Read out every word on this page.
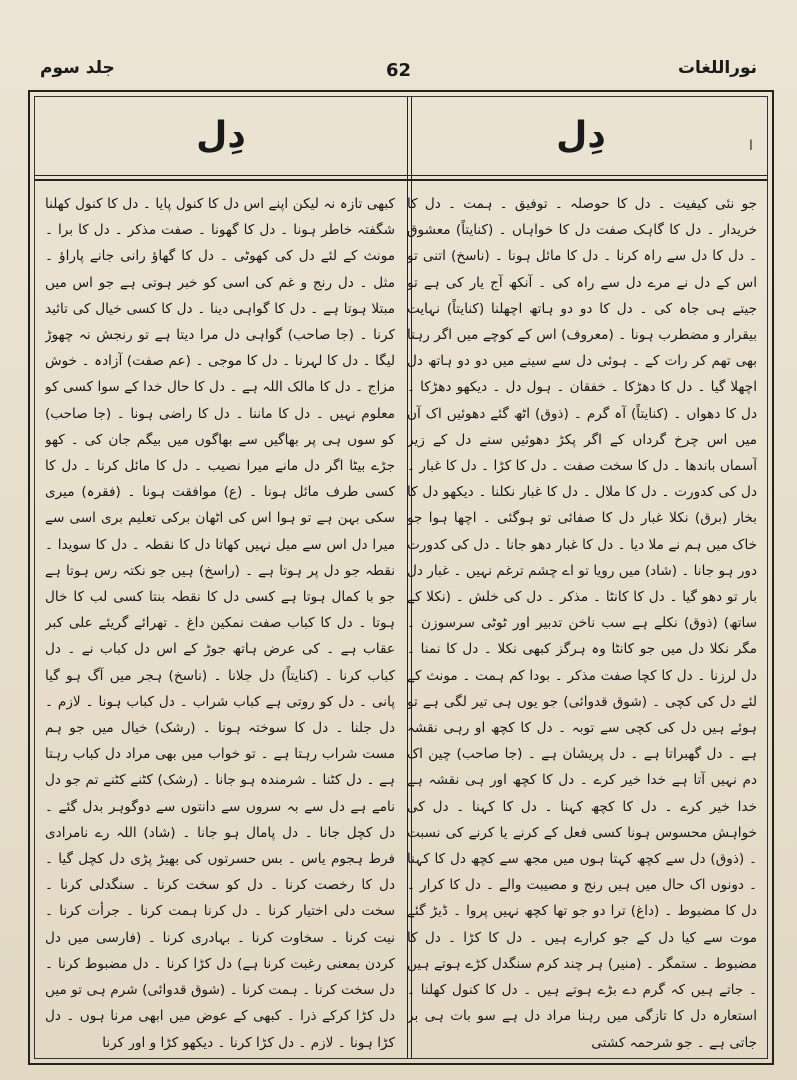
نوراللغات
62
جلد سوم
ا
دِل
دِل

جو نئی کیفیت ۔ دل کا حوصلہ ۔ توفیق ۔ ہمت ۔ دل کا خریدار ۔ دل کا گاہک صفت دل کا خواہاں ۔ (کنایتاً) معشوق ۔ دل کا دل سے راہ کرنا ۔ دل کا مائل ہونا ۔ (ناسخ) اتنی تو اس کے دل نے مرے دل سے راہ کی ۔ آنکھ آج یار کی ہے تو جیتے ہی جاہ کی ۔ دل کا دو دو ہاتھ اچھلنا (کنایتاً) نہایت بیقرار و مضطرب ہونا ۔ (معروف) اس کے کوچے میں اگر رہتا بھی تھم کر رات کے ۔ ہوئی دل سے سینے میں دو دو ہاتھ دل اچھلا گیا ۔ دل کا دھڑکا ۔ خفقان ۔ ہول دل ۔ دیکھو دھڑکا ۔ دل کا دھواں ۔ (کنایتاً) آہ گرم ۔ (ذوق) اٹھ گئے دھوئیں اک آن میں اس چرخ گرداں کے اگر پکڑ دھوئیں سنے دل کے زیر آسماں باندھا ۔ دل کا سخت صفت ۔ دل کا کڑا ۔ دل کا غبار ۔ دل کی کدورت ۔ دل کا ملال ۔ دل کا غبار نکلنا ۔ دیکھو دل کا بخار (برق) نکلا غبار دل کا صفائی تو ہوگئی ۔ اچھا ہوا جو خاک میں ہم نے ملا دیا ۔ دل کا غبار دھو جانا ۔ دل کی کدورت دور ہو جانا ۔ (شاد) میں رویا تو اے چشم ترغم نہیں ۔ غبار دل بار تو دھو گیا ۔ دل کا کانٹا ۔ مذکر ۔ دل کی خلش ۔ (نکلا کے ساتھ) (ذوق) نکلے ہے سب ناخن تدبیر اور ٹوٹی سرسوزن ۔ مگر نکلا دل میں جو کانٹا وہ ہرگز کبھی نکلا ۔ دل کا نمنا ۔ دل لرزنا ۔ دل کا کچا صفت مذکر ۔ بودا کم ہمت ۔ مونث کے لئے دل کی کچی ۔ (شوق قدوائی) جو یوں ہی تیر لگی ہے تو ہوئے ہیں دل کی کچی سے توبہ ۔ دل کا کچھ او رہی نقشہ ہے ۔ دل گھبراتا ہے ۔ دل پریشان ہے ۔ (جا صاحب) چین اک دم نہیں آتا ہے خدا خیر کرے ۔ دل کا کچھ اور ہی نقشہ ہے خدا خیر کرے ۔ دل کا کچھ کہنا ۔ دل کا کہنا ۔ دل کی خواہش محسوس ہونا کسی فعل کے کرنے یا کرنے کی نسبت ۔ (ذوق) دل سے کچھ کہتا ہوں میں مجھ سے کچھ دل کا کہنا ۔ دونوں اک حال میں ہیں رنج و مصیبت والے ۔ دل کا کرار ۔ دل کا مضبوط ۔ (داغ) ترا دو جو تھا کچھ نہیں پروا ۔ ڈیڑ گئے موت سے کیا دل کے جو کرارے ہیں ۔ دل کا کڑا ۔ دل کا مضبوط ۔ ستمگر ۔ (منیر) ہر چند کرم سنگدل کڑے ہوتے ہیں ۔ جاتے ہیں کہ گرم دے بڑے ہوتے ہیں ۔ دل کا کنول کھلنا ۔ استعارہ دل کا تازگی میں رہنا مراد دل ہے سو بات ہی بر جاتی ہے ۔ جو شرحمہ کشتی

کبھی تازہ نہ لیکن اپنے اس دل کا کنول پایا ۔ دل کا کنول کھلنا شگفتہ خاطر ہونا ۔ دل کا گھونا ۔ صفت مذکر ۔ دل کا برا ۔ مونث کے لئے دل کی کھوٹی ۔ دل کا گھاؤ رانی جانے پاراؤ ۔ مثل ۔ دل رنج و غم کی اسی کو خبر ہوتی ہے جو اس میں مبتلا ہوتا ہے ۔ دل کا گواہی دینا ۔ دل کا کسی خیال کی تائید کرنا ۔ (جا صاحب) گواہی دل مرا دیتا ہے تو رنجش نہ چھوڑ لیگا ۔ دل کا لہرنا ۔ دل کا موجی ۔ (عم صفت) آزادہ ۔ خوش مزاج ۔ دل کا مالک اللہ ہے ۔ دل کا حال خدا کے سوا کسی کو معلوم نہیں ۔ دل کا ماننا ۔ دل کا راضی ہونا ۔ (جا صاحب) کو سوں ہی پر بھاگیں سے بھاگوں میں بیگم جان کی ۔ کھو جڑے بیٹا اگر دل مانے میرا نصیب ۔ دل کا مائل کرنا ۔ دل کا کسی طرف مائل ہونا ۔ (ع) موافقت ہونا ۔ (فقرہ) میری سکی بہن ہے تو ہوا اس کی اٹھان برکی تعلیم بری اسی سے میرا دل اس سے میل نہیں کھاتا دل کا نقطہ ۔ دل کا سویدا ۔ نقطہ جو دل پر ہوتا ہے ۔ (راسخ) ہیں جو نکتہ رس ہوتا ہے جو با کمال ہوتا ہے کسی دل کا نقطہ بنتا کسی لب کا خال ہوتا ۔ دل کا کباب صفت نمکین داغ ۔ تھرائے گریئے علی کبر عقاب ہے ۔ کی عرض ہاتھ جوڑ کے اس دل کباب نے ۔ دل کباب کرنا ۔ (کنایتاً) دل جلانا ۔ (ناسخ) ہجر میں آگ ہو گیا پانی ۔ دل کو روتی ہے کباب شراب ۔ دل کباب ہونا ۔ لازم ۔ دل جلنا ۔ دل کا سوختہ ہونا ۔ (رشک) خیال میں جو ہم مست شراب رہتا ہے ۔ تو خواب میں بھی مراد دل کباب رہتا ہے ۔ دل کٹنا ۔ شرمندہ ہو جانا ۔ (رشک) کٹنے کٹنے تم جو دل نامے ہے دل سے بہ سروں سے دانتوں سے دوگوہر بدل گئے ۔ دل کچل جانا ۔ دل پامال ہو جانا ۔ (شاد) اللہ رے نامرادی فرط ہجوم یاس ۔ بس حسرتوں کی بھیڑ پڑی دل کچل گیا ۔ دل کا رخصت کرنا ۔ دل کو سخت کرنا ۔ سنگدلی کرنا ۔ سخت دلی اختیار کرنا ۔ دل کرنا ہمت کرنا ۔ جرأت کرنا ۔ نیت کرنا ۔ سخاوت کرنا ۔ بہادری کرنا ۔ (فارسی میں دل کردن بمعنی رغبت کرنا ہے) دل کڑا کرنا ۔ دل مضبوط کرنا ۔ دل سخت کرنا ۔ ہمت کرنا ۔ (شوق قدوائی) شرم ہی تو میں دل کڑا کرکے ذرا ۔ کبھی کے عوض میں ابھی مرنا ہوں ۔ دل کڑا ہونا ۔ لازم ۔ دل کڑا کرنا ۔ دیکھو کڑا و اور کرنا
